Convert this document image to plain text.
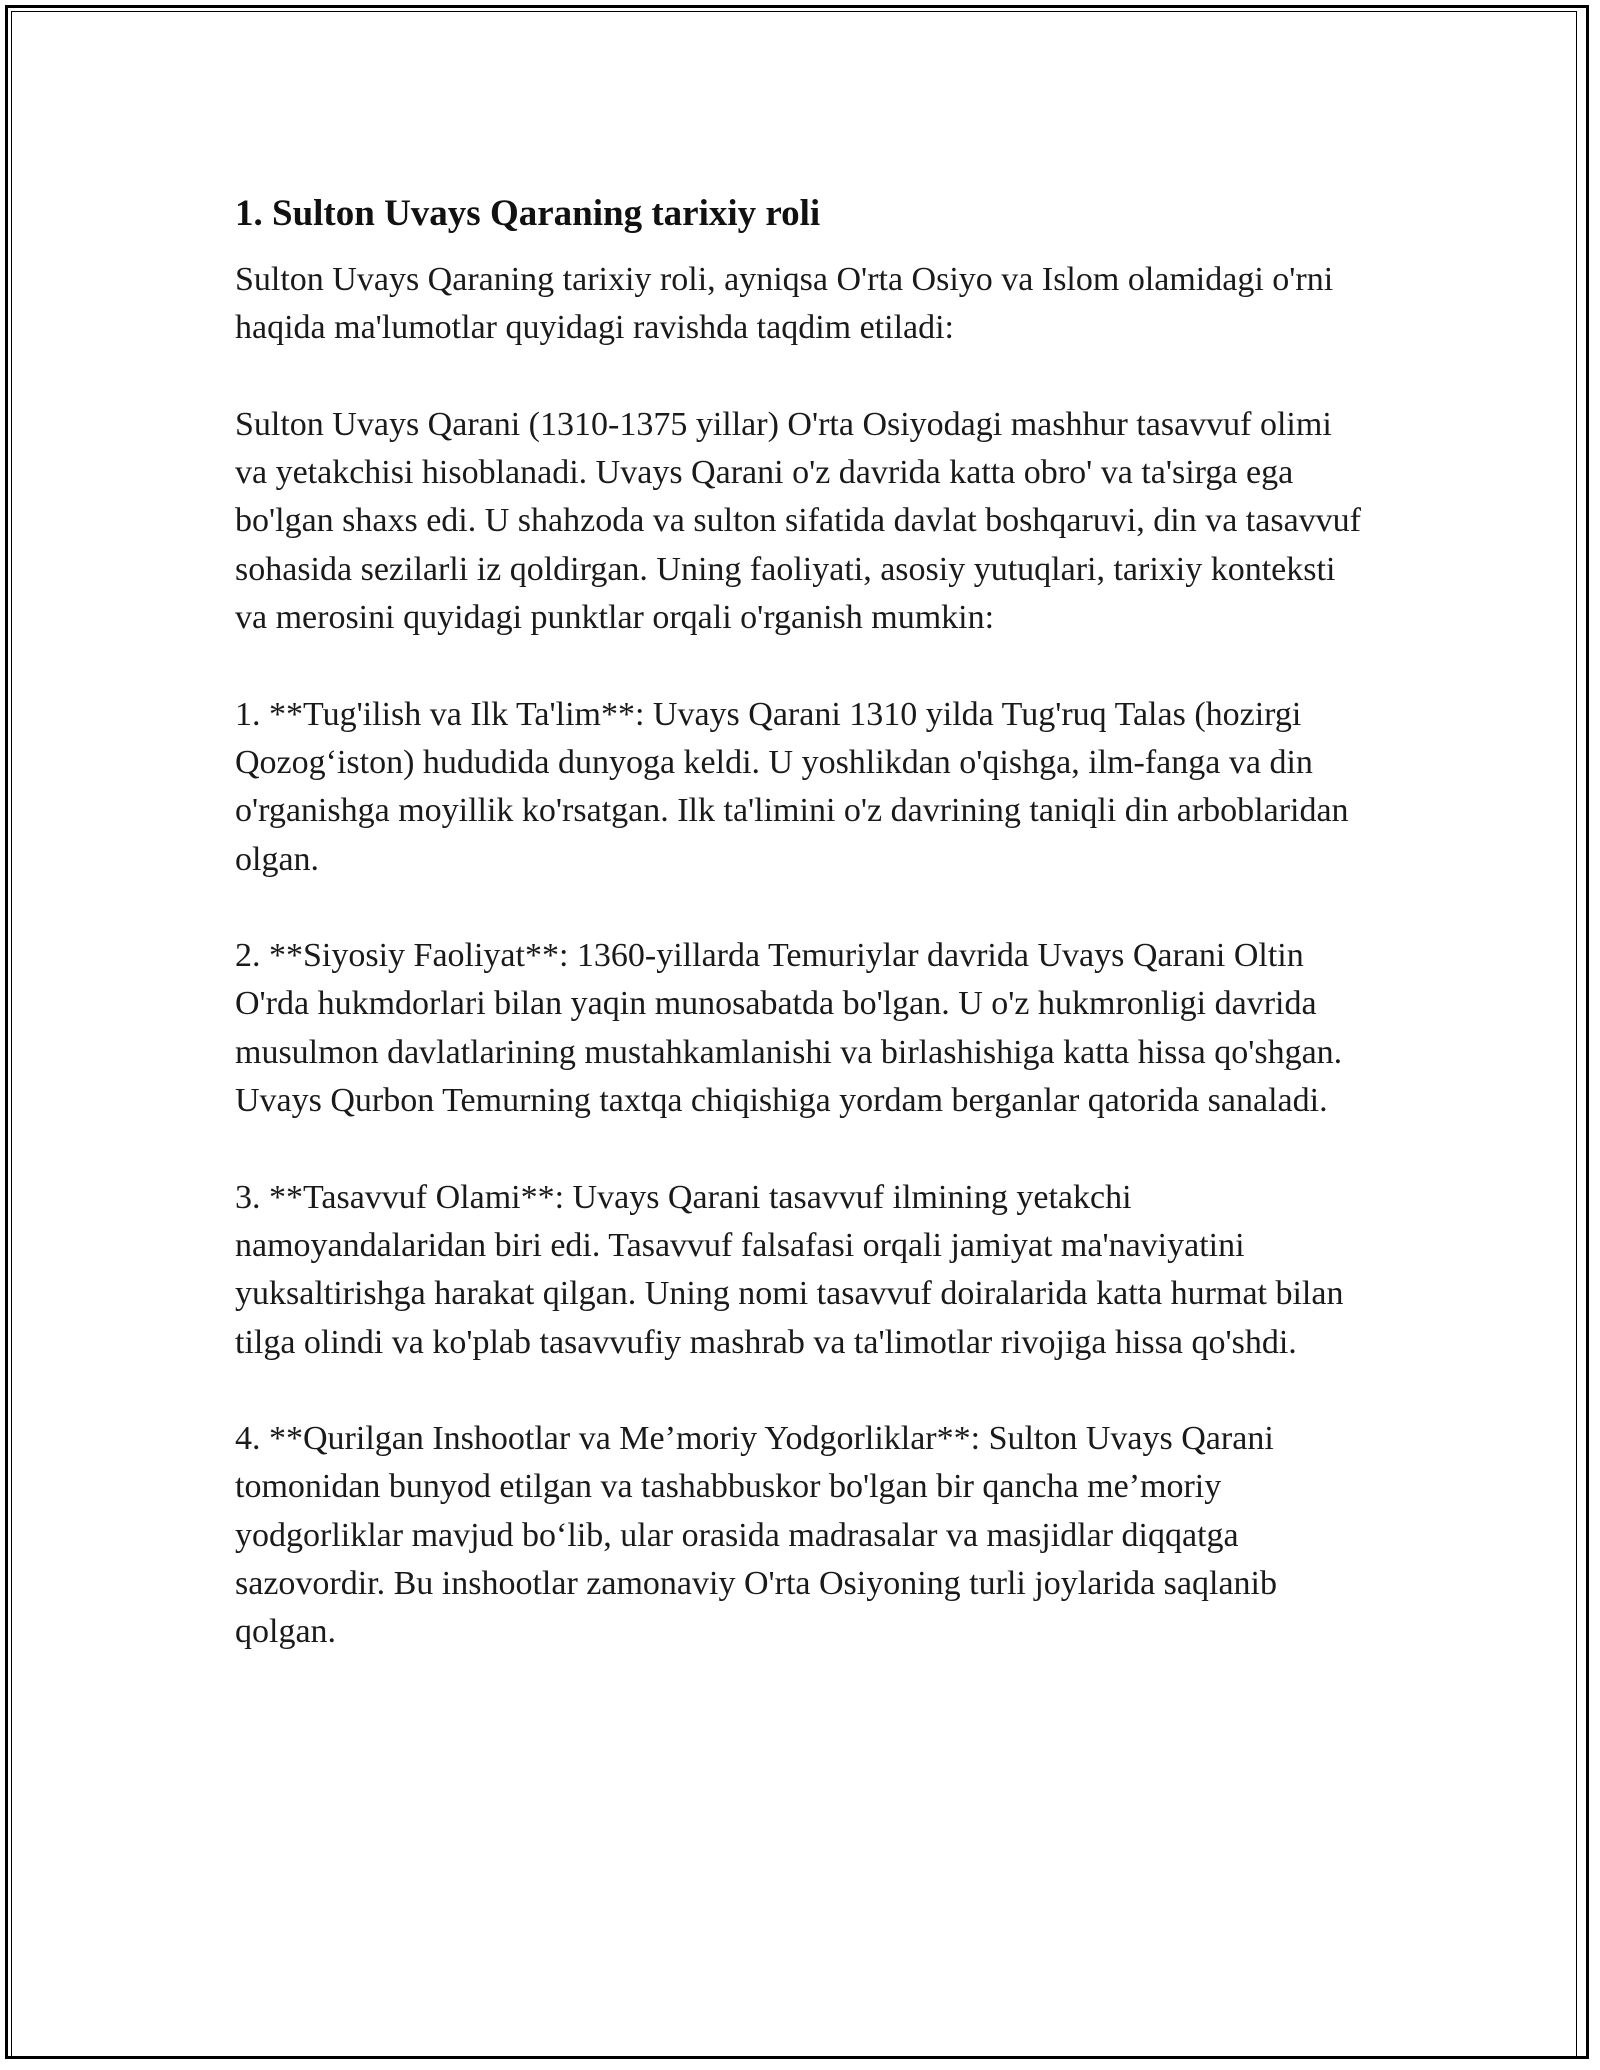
1. Sulton Uvays Qaraning tarixiy roli

Sulton Uvays Qaraning tarixiy roli, ayniqsa O'rta Osiyo va Islom olamidagi o'rni haqida ma'lumotlar quyidagi ravishda taqdim etiladi:

Sulton Uvays Qarani (1310-1375 yillar) O'rta Osiyodagi mashhur tasavvuf olimi va yetakchisi hisoblanadi. Uvays Qarani o'z davrida katta obro' va ta'sirga ega bo'lgan shaxs edi. U shahzoda va sulton sifatida davlat boshqaruvi, din va tasavvuf sohasida sezilarli iz qoldirgan. Uning faoliyati, asosiy yutuqlari, tarixiy konteksti va merosini quyidagi punktlar orqali o'rganish mumkin:

1. **Tug'ilish va Ilk Ta'lim**: Uvays Qarani 1310 yilda Tug'ruq Talas (hozirgi Qozog‘iston) hududida dunyoga keldi. U yoshlikdan o'qishga, ilm-fanga va din o'rganishga moyillik ko'rsatgan. Ilk ta'limini o'z davrining taniqli din arboblaridan olgan.

2. **Siyosiy Faoliyat**: 1360-yillarda Temuriylar davrida Uvays Qarani Oltin O'rda hukmdorlari bilan yaqin munosabatda bo'lgan. U o'z hukmronligi davrida musulmon davlatlarining mustahkamlanishi va birlashishiga katta hissa qo'shgan. Uvays Qurbon Temurning taxtqa chiqishiga yordam berganlar qatorida sanaladi.

3. **Tasavvuf Olami**: Uvays Qarani tasavvuf ilmining yetakchi namoyandalaridan biri edi. Tasavvuf falsafasi orqali jamiyat ma'naviyatini yuksaltirishga harakat qilgan. Uning nomi tasavvuf doiralarida katta hurmat bilan tilga olindi va ko'plab tasavvufiy mashrab va ta'limotlar rivojiga hissa qo'shdi.

4. **Qurilgan Inshootlar va Me’moriy Yodgorliklar**: Sulton Uvays Qarani tomonidan bunyod etilgan va tashabbuskor bo'lgan bir qancha me’moriy yodgorliklar mavjud bo‘lib, ular orasida madrasalar va masjidlar diqqatga sazovordir. Bu inshootlar zamonaviy O'rta Osiyoning turli joylarida saqlanib qolgan.
